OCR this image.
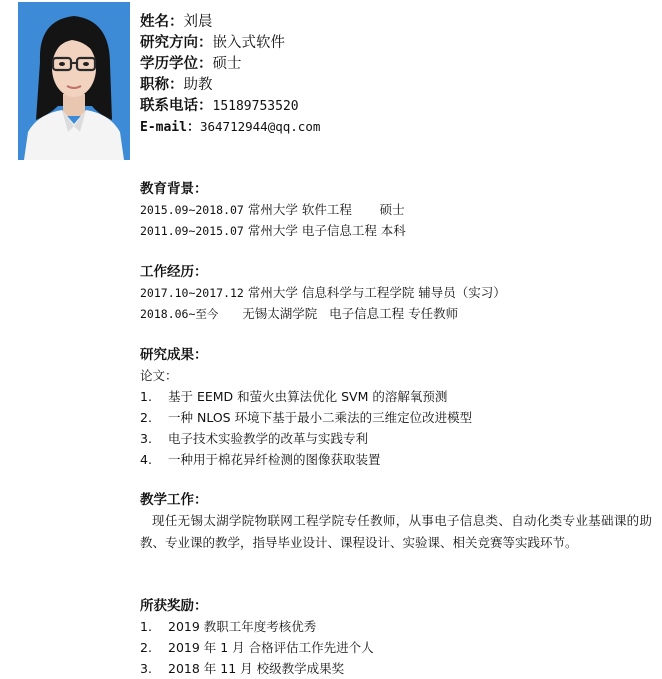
姓名：刘晨
研究方向：嵌入式软件
学历学位：硕士
职称：助教
联系电话：15189753520
E-mail：364712944@qq.com
教育背景：
2015.09~2018.07 常州大学 软件工程       硕士
2011.09~2015.07 常州大学 电子信息工程 本科
工作经历：
2017.10~2017.12 常州大学 信息科学与工程学院 辅导员（实习）
2018.06~至今      无锡太湖学院   电子信息工程 专任教师
研究成果：
论文：
1. 基于 EEMD 和萤火虫算法优化 SVM 的溶解氧预测
2. 一种 NLOS 环境下基于最小二乘法的三维定位改进模型
3. 电子技术实验教学的改革与实践专利
4. 一种用于棉花异纤检测的图像获取装置
教学工作：
现任无锡太湖学院物联网工程学院专任教师，从事电子信息类、自动化类专业基础课的助教、专业课的教学，指导毕业设计、课程设计、实验课、相关竞赛等实践环节。
所获奖励：
1. 2019 教职工年度考核优秀
2. 2019 年 1 月 合格评估工作先进个人
3. 2018 年 11 月 校级教学成果奖
